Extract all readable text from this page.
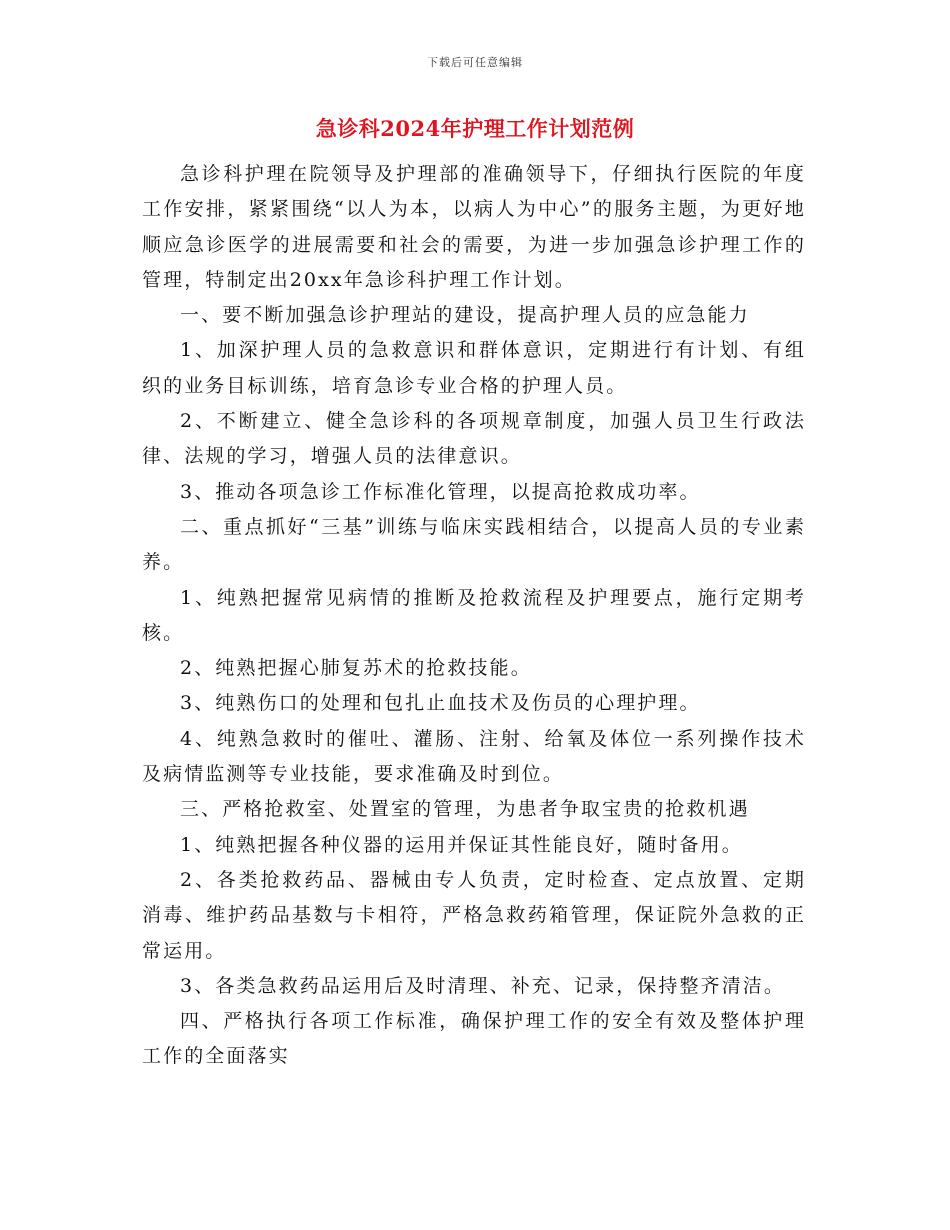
下载后可任意编辑
急诊科2024年护理工作计划范例

急诊科护理在院领导及护理部的准确领导下，仔细执行医院的年度工作安排，紧紧围绕“以人为本，以病人为中心”的服务主题，为更好地顺应急诊医学的进展需要和社会的需要，为进一步加强急诊护理工作的管理，特制定出20xx年急诊科护理工作计划。

一、要不断加强急诊护理站的建设，提高护理人员的应急能力

1、加深护理人员的急救意识和群体意识，定期进行有计划、有组织的业务目标训练，培育急诊专业合格的护理人员。

2、不断建立、健全急诊科的各项规章制度，加强人员卫生行政法律、法规的学习，增强人员的法律意识。

3、推动各项急诊工作标准化管理，以提高抢救成功率。

二、重点抓好“三基”训练与临床实践相结合，以提高人员的专业素养。

1、纯熟把握常见病情的推断及抢救流程及护理要点，施行定期考核。

2、纯熟把握心肺复苏术的抢救技能。

3、纯熟伤口的处理和包扎止血技术及伤员的心理护理。

4、纯熟急救时的催吐、灌肠、注射、给氧及体位一系列操作技术及病情监测等专业技能，要求准确及时到位。

三、严格抢救室、处置室的管理，为患者争取宝贵的抢救机遇

1、纯熟把握各种仪器的运用并保证其性能良好，随时备用。

2、各类抢救药品、器械由专人负责，定时检查、定点放置、定期消毒、维护药品基数与卡相符，严格急救药箱管理，保证院外急救的正常运用。

3、各类急救药品运用后及时清理、补充、记录，保持整齐清洁。

四、严格执行各项工作标准，确保护理工作的安全有效及整体护理工作的全面落实
